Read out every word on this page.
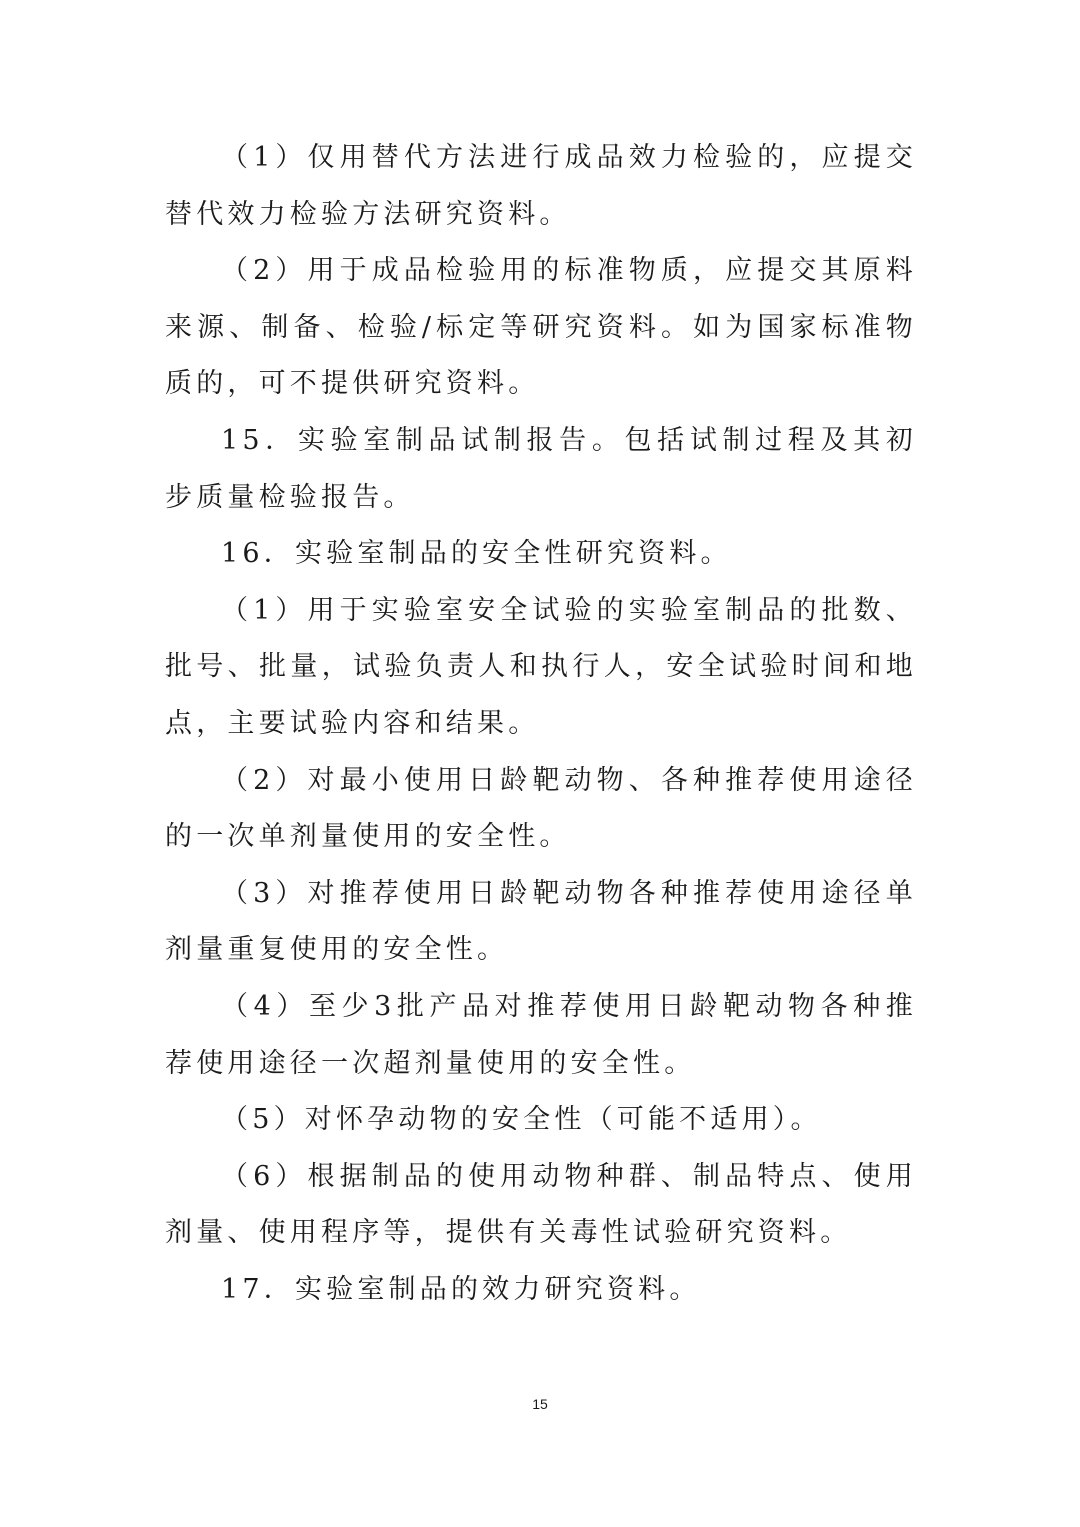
（1）仅用替代方法进行成品效力检验的，应提交替代效力检验方法研究资料。

（2）用于成品检验用的标准物质，应提交其原料来源、制备、检验/标定等研究资料。如为国家标准物质的，可不提供研究资料。

15．实验室制品试制报告。包括试制过程及其初步质量检验报告。

16．实验室制品的安全性研究资料。

（1）用于实验室安全试验的实验室制品的批数、批号、批量，试验负责人和执行人，安全试验时间和地点，主要试验内容和结果。

（2）对最小使用日龄靶动物、各种推荐使用途径的一次单剂量使用的安全性。

（3）对推荐使用日龄靶动物各种推荐使用途径单剂量重复使用的安全性。

（4）至少3批产品对推荐使用日龄靶动物各种推荐使用途径一次超剂量使用的安全性。

（5）对怀孕动物的安全性（可能不适用）。

（6）根据制品的使用动物种群、制品特点、使用剂量、使用程序等，提供有关毒性试验研究资料。

17．实验室制品的效力研究资料。

15
